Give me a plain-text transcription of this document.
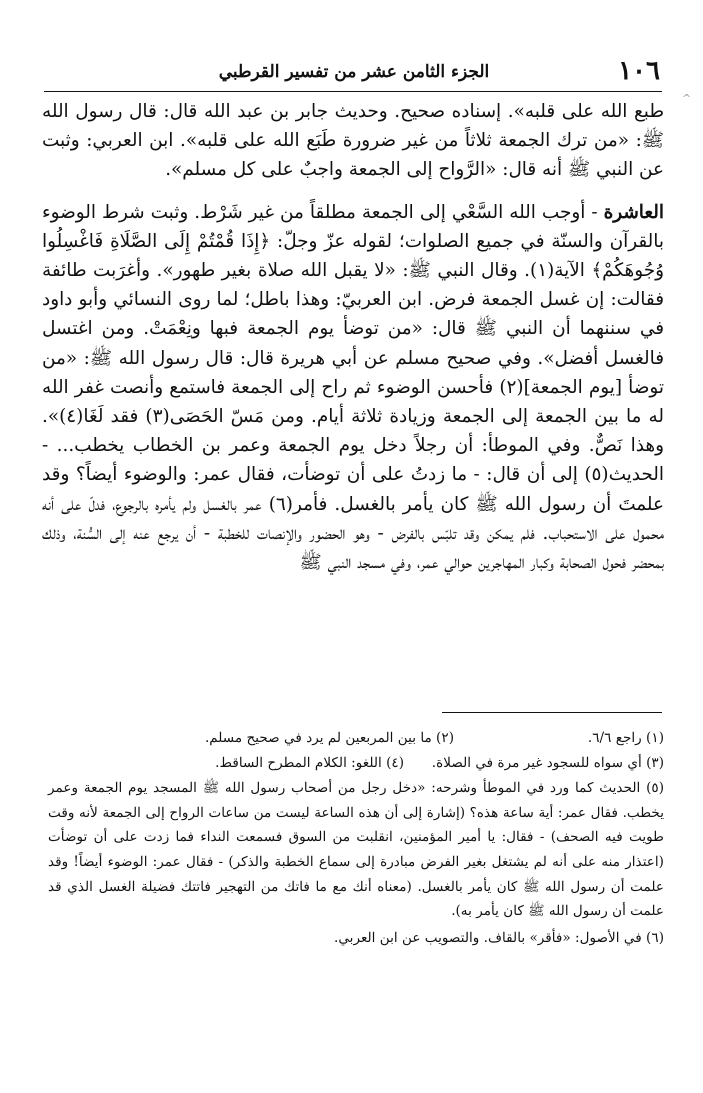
١٠٦
الجزء الثامن عشر من تفسير القرطبي
^

طبع الله على قلبه». إسناده صحيح. وحديث جابر بن عبد الله قال: قال رسول الله ﷺ: «من ترك الجمعة ثلاثاً من غير ضرورة طَبَع الله على قلبه». ابن العربي: وثبت عن النبي ﷺ أنه قال: «الرَّواح إلى الجمعة واجبٌ على كل مسلم».

العاشرة - أوجب الله السَّعْي إلى الجمعة مطلقاً من غير شَرْط. وثبت شرط الوضوء بالقرآن والسنّة في جميع الصلوات؛ لقوله عزّ وجلّ: ﴿إِذَا قُمْتُمْ إِلَى الصَّلَاةِ فَاغْسِلُوا وُجُوهَكُمْ﴾ الآية(١). وقال النبي ﷺ: «لا يقبل الله صلاة بغير طهور». وأغرَبت طائفة فقالت: إن غسل الجمعة فرض. ابن العربيّ: وهذا باطل؛ لما روى النسائي وأبو داود في سننهما أن النبي ﷺ قال: «من توضأ يوم الجمعة فبها ونِعْمَتْ. ومن اغتسل فالغسل أفضل». وفي صحيح مسلم عن أبي هريرة قال: قال رسول الله ﷺ: «من توضأ [يوم الجمعة](٢) فأحسن الوضوء ثم راح إلى الجمعة فاستمع وأنصت غفر الله له ما بين الجمعة إلى الجمعة وزيادة ثلاثة أيام. ومن مَسّ الحَصَى(٣) فقد لَغَا(٤)». وهذا نَصٌّ. وفي الموطأ: أن رجلاً دخل يوم الجمعة وعمر بن الخطاب يخطب... - الحديث(٥) إلى أن قال: - ما زدتُ على أن توضأت، فقال عمر: والوضوء أيضاً؟ وقد علمتَ أن رسول الله ﷺ كان يأمر بالغسل. فأمر(٦) عمر بالغسل ولم يأمره بالرجوع، فدلّ على أنه محمول على الاستحباب. فلم يمكن وقد تلبّس بالفرض - وهو الحضور والإنصات للخطبة - أن يرجع عنه إلى السُّنة، وذلك بمحضر فحول الصحابة وكبار المهاجرين حوالي عمر، وفي مسجد النبي ﷺ

(١) راجع ٦/٦.
(٢) ما بين المربعين لم يرد في صحيح مسلم.
(٣) أي سواه للسجود غير مرة في الصلاة.
(٤) اللغو: الكلام المطرح الساقط.
(٥) الحديث كما ورد في الموطأ وشرحه: «دخل رجل من أصحاب رسول الله ﷺ المسجد يوم الجمعة وعمر يخطب. فقال عمر: أية ساعة هذه؟ (إشارة إلى أن هذه الساعة ليست من ساعات الرواح إلى الجمعة لأنه وقت طويت فيه الصحف) - فقال: يا أمير المؤمنين، انقلبت من السوق فسمعت النداء فما زدت على أن توضأت (اعتذار منه على أنه لم يشتغل بغير الفرض مبادرة إلى سماع الخطبة والذكر) - فقال عمر: الوضوء أيضاً! وقد علمت أن رسول الله ﷺ كان يأمر بالغسل. (معناه أنك مع ما فاتك من التهجير فاتتك فضيلة الغسل الذي قد علمت أن رسول الله ﷺ كان يأمر به).
(٦) في الأصول: «فأقر» بالقاف. والتصويب عن ابن العربي.
